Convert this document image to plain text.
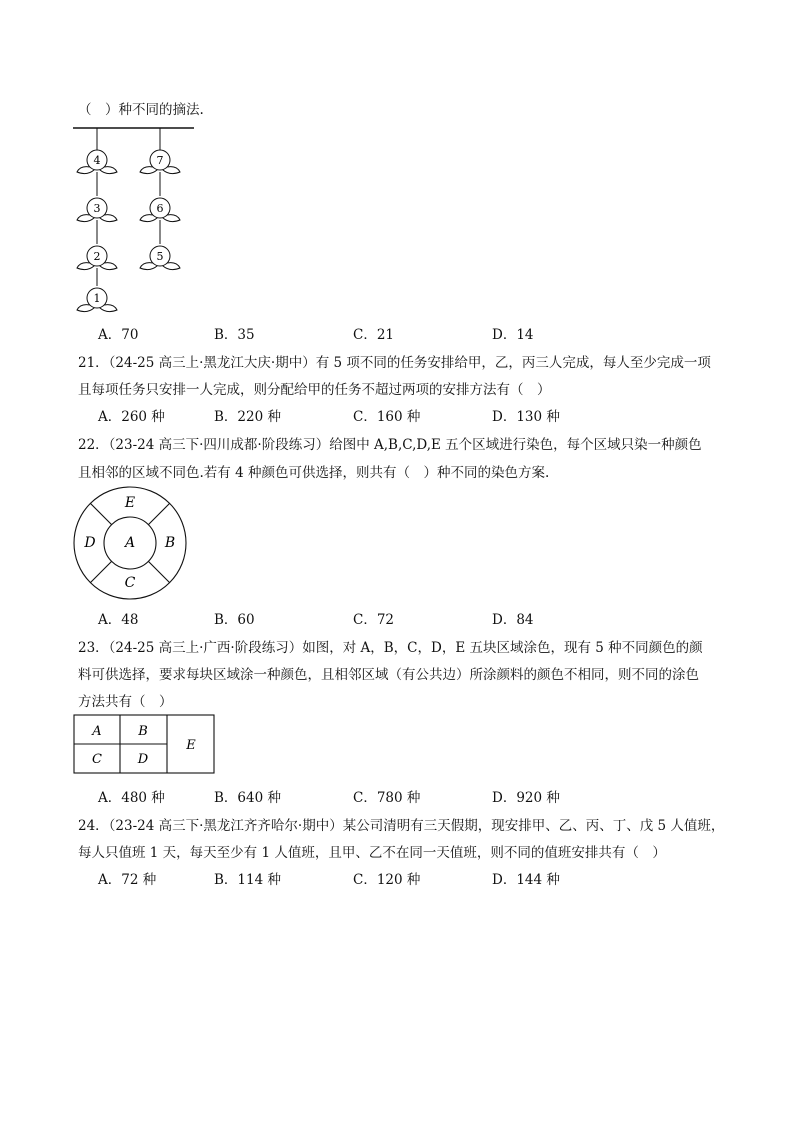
（　）种不同的摘法.
4
3
2
1
7
6
5
A．70	B．35	C．21	D．14
21．（24-25 高三上·黑龙江大庆·期中）有 5 项不同的任务安排给甲，乙，丙三人完成，每人至少完成一项
且每项任务只安排一人完成，则分配给甲的任务不超过两项的安排方法有（　）
A．260 种	B．220 种	C．160 种	D．130 种
22．（23-24 高三下·四川成都·阶段练习）给图中 A,B,C,D,E 五个区域进行染色，每个区域只染一种颜色
且相邻的区域不同色.若有 4 种颜色可供选择，则共有（　）种不同的染色方案.
E
D A B
C
A．48	B．60	C．72	D．84
23．（24-25 高三上·广西·阶段练习）如图，对 A，B，C，D，E 五块区域涂色，现有 5 种不同颜色的颜
料可供选择，要求每块区域涂一种颜色，且相邻区域（有公共边）所涂颜料的颜色不相同，则不同的涂色
方法共有（　）
A	B
C	D
E
A．480 种	B．640 种	C．780 种	D．920 种
24．（23-24 高三下·黑龙江齐齐哈尔·期中）某公司清明有三天假期，现安排甲、乙、丙、丁、戊 5 人值班，
每人只值班 1 天，每天至少有 1 人值班，且甲、乙不在同一天值班，则不同的值班安排共有（　）
A．72 种	B．114 种	C．120 种	D．144 种
